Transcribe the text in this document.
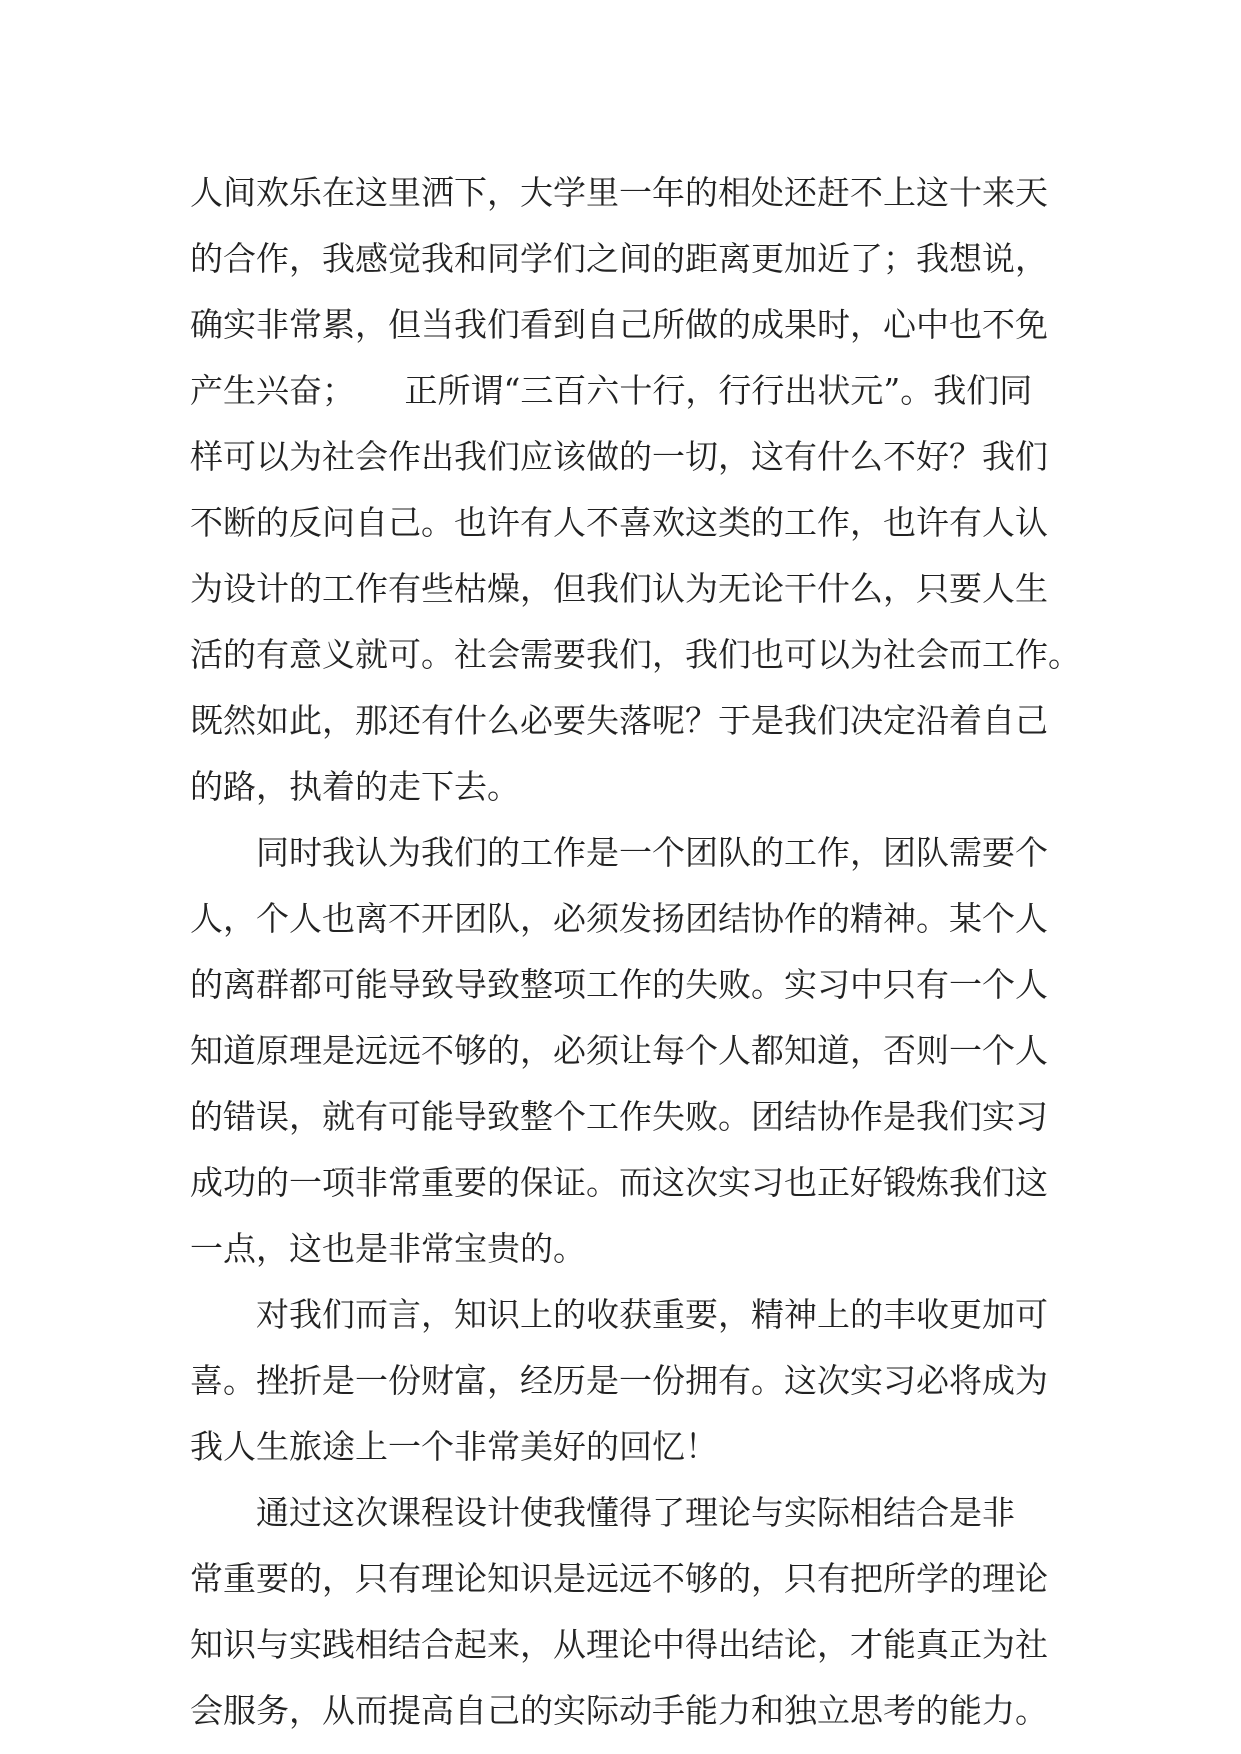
人间欢乐在这里洒下，大学里一年的相处还赶不上这十来天
的合作，我感觉我和同学们之间的距离更加近了；我想说，
确实非常累，但当我们看到自己所做的成果时，心中也不免
产生兴奋；　　正所谓“三百六十行，行行出状元”。我们同
样可以为社会作出我们应该做的一切，这有什么不好？我们
不断的反问自己。也许有人不喜欢这类的工作，也许有人认
为设计的工作有些枯燥，但我们认为无论干什么，只要人生
活的有意义就可。社会需要我们，我们也可以为社会而工作。
既然如此，那还有什么必要失落呢？于是我们决定沿着自己
的路，执着的走下去。
同时我认为我们的工作是一个团队的工作，团队需要个
人，个人也离不开团队，必须发扬团结协作的精神。某个人
的离群都可能导致导致整项工作的失败。实习中只有一个人
知道原理是远远不够的，必须让每个人都知道，否则一个人
的错误，就有可能导致整个工作失败。团结协作是我们实习
成功的一项非常重要的保证。而这次实习也正好锻炼我们这
一点，这也是非常宝贵的。
对我们而言，知识上的收获重要，精神上的丰收更加可
喜。挫折是一份财富，经历是一份拥有。这次实习必将成为
我人生旅途上一个非常美好的回忆！
通过这次课程设计使我懂得了理论与实际相结合是非
常重要的，只有理论知识是远远不够的，只有把所学的理论
知识与实践相结合起来，从理论中得出结论，才能真正为社
会服务，从而提高自己的实际动手能力和独立思考的能力。
